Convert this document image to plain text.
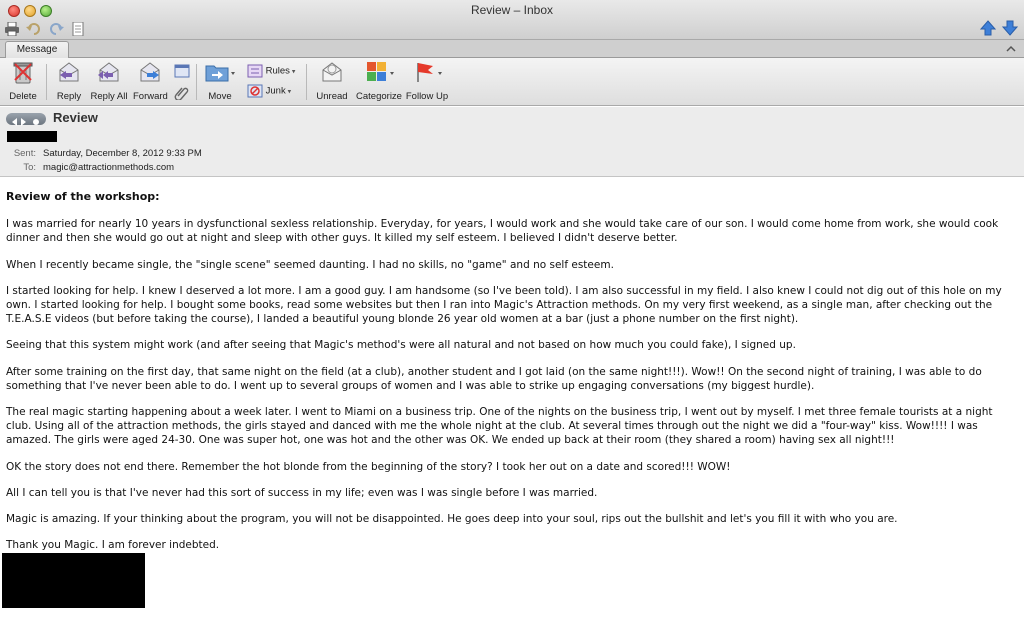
Review – Inbox
Message
Delete	Reply Reply All Forward	Move
Rules ▾
Junk ▾	Unread Categorize Follow Up
Review
Sent: Saturday, December 8, 2012 9:33 PM
To: magic@attractionmethods.com
Review of the workshop:

I was married for nearly 10 years in dysfunctional sexless relationship. Everyday, for years, I would work and she would take care of our son. I would come home from work, she would cook dinner and then she would go out at night and sleep with other guys. It killed my self esteem. I believed I didn't deserve better.

When I recently became single, the "single scene" seemed daunting. I had no skills, no "game" and no self esteem.

I started looking for help. I knew I deserved a lot more. I am a good guy. I am handsome (so I've been told). I am also successful in my field. I also knew I could not dig out of this hole on my own. I started looking for help. I bought some books, read some websites but then I ran into Magic's Attraction methods. On my very first weekend, as a single man, after checking out the T.E.A.S.E videos (but before taking the course), I landed a beautiful young blonde 26 year old women at a bar (just a phone number on the first night).

Seeing that this system might work (and after seeing that Magic's method's were all natural and not based on how much you could fake), I signed up.

After some training on the first day, that same night on the field (at a club), another student and I got laid (on the same night!!!). Wow!! On the second night of training, I was able to do something that I've never been able to do. I went up to several groups of women and I was able to strike up engaging conversations (my biggest hurdle).

The real magic starting happening about a week later. I went to Miami on a business trip. One of the nights on the business trip, I went out by myself. I met three female tourists at a night club. Using all of the attraction methods, the girls stayed and danced with me the whole night at the club. At several times through out the night we did a "four-way" kiss. Wow!!!! I was amazed. The girls were aged 24-30. One was super hot, one was hot and the other was OK. We ended up back at their room (they shared a room) having sex all night!!!

OK the story does not end there. Remember the hot blonde from the beginning of the story? I took her out on a date and scored!!! WOW!

All I can tell you is that I've never had this sort of success in my life; even was I was single before I was married.

Magic is amazing. If your thinking about the program, you will not be disappointed. He goes deep into your soul, rips out the bullshit and let's you fill it with who you are.

Thank you Magic. I am forever indebted.
